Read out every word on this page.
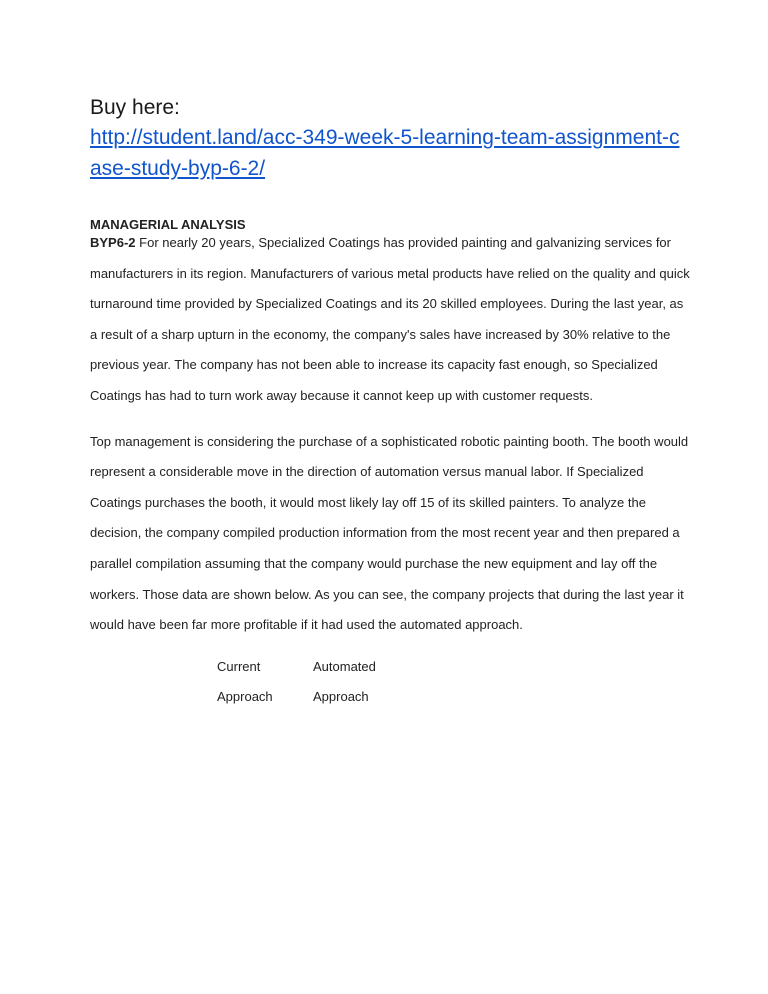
Buy here:
http://student.land/acc-349-week-5-learning-team-assignment-case-study-byp-6-2/
MANAGERIAL ANALYSIS

BYP6-2 For nearly 20 years, Specialized Coatings has provided painting and galvanizing services for manufacturers in its region. Manufacturers of various metal products have relied on the quality and quick turnaround time provided by Specialized Coatings and its 20 skilled employees. During the last year, as a result of a sharp upturn in the economy, the company's sales have increased by 30% relative to the previous year. The company has not been able to increase its capacity fast enough, so Specialized Coatings has had to turn work away because it cannot keep up with customer requests.

Top management is considering the purchase of a sophisticated robotic painting booth. The booth would represent a considerable move in the direction of automation versus manual labor. If Specialized Coatings purchases the booth, it would most likely lay off 15 of its skilled painters. To analyze the decision, the company compiled production information from the most recent year and then prepared a parallel compilation assuming that the company would purchase the new equipment and lay off the workers. Those data are shown below. As you can see, the company projects that during the last year it would have been far more profitable if it had used the automated approach.

Current	Automated
Approach	Approach
